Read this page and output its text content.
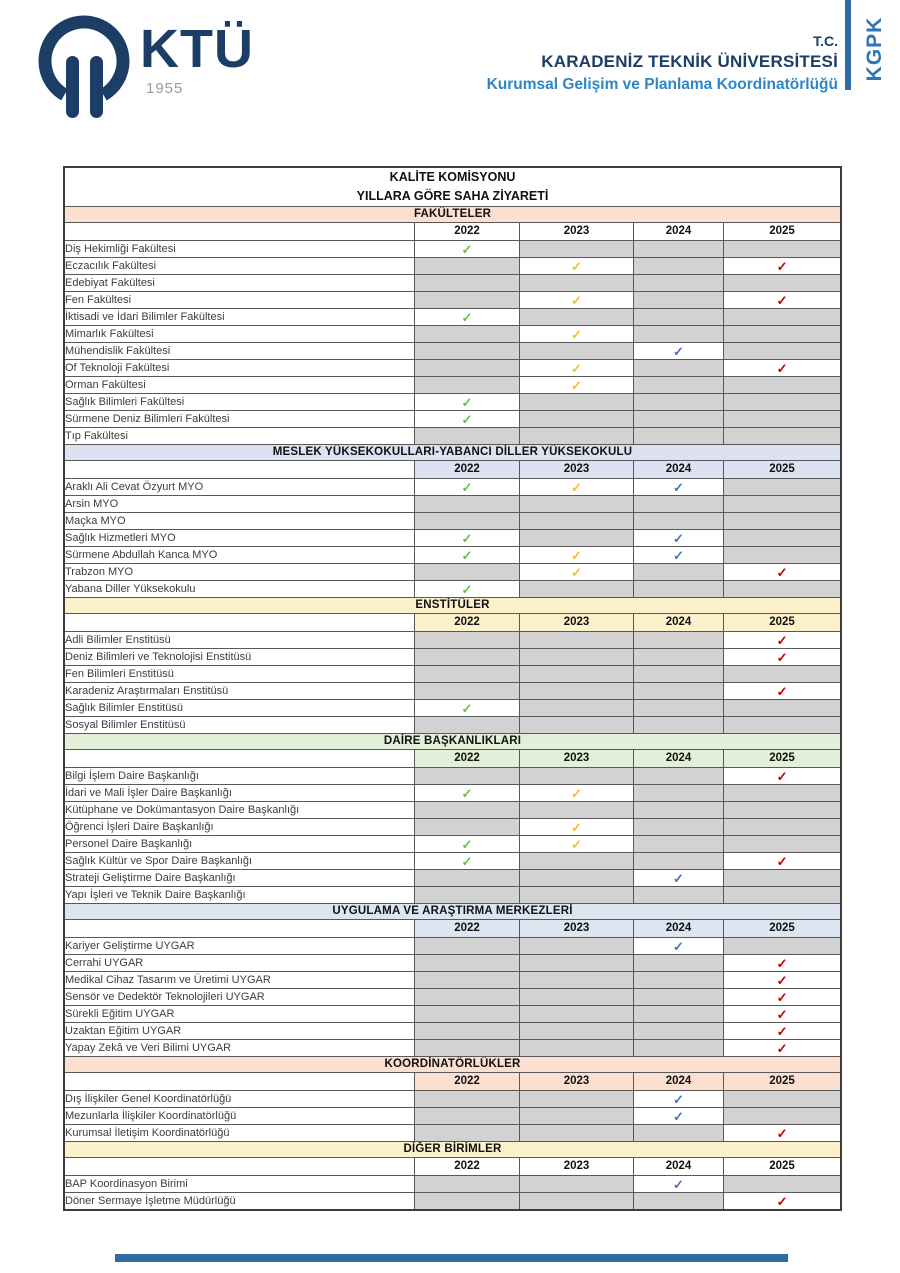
KTÜ
1955
T.C.
KARADENİZ TEKNİK ÜNİVERSİTESİ
Kurumsal Gelişim ve Planlama Koordinatörlüğü
KGPK
KALİTE KOMİSYONU
YILLARA GÖRE SAHA ZİYARETİ				
FAKÜLTELER				
	2022	2023	2024	2025
Diş Hekimliği Fakültesi	✓			
Eczacılık Fakültesi		✓		✓
Edebiyat Fakültesi				
Fen Fakültesi		✓		✓
İktisadi ve İdari Bilimler Fakültesi	✓			
Mimarlık Fakültesi		✓		
Mühendislik Fakültesi			✓	
Of Teknoloji Fakültesi		✓		✓
Orman Fakültesi		✓		
Sağlık Bilimleri Fakültesi	✓			
Sürmene Deniz Bilimleri Fakültesi	✓			
Tıp Fakültesi				
MESLEK YÜKSEKOKULLARI-YABANCI DİLLER YÜKSEKOKULU				
	2022	2023	2024	2025
Araklı Ali Cevat Özyurt MYO	✓	✓	✓	
Arsin MYO				
Maçka MYO				
Sağlık Hizmetleri MYO	✓		✓	
Sürmene Abdullah Kanca MYO	✓	✓	✓	
Trabzon MYO		✓		✓
Yabana Diller Yüksekokulu	✓			
ENSTİTÜLER				
	2022	2023	2024	2025
Adli Bilimler Enstitüsü				✓
Deniz Bilimleri ve Teknolojisi Enstitüsü				✓
Fen Bilimleri Enstitüsü				
Karadeniz Araştırmaları Enstitüsü				✓
Sağlık Bilimler Enstitüsü	✓			
Sosyal Bilimler Enstitüsü				
DAİRE BAŞKANLIKLARI				
	2022	2023	2024	2025
Bilgi İşlem Daire Başkanlığı				✓
İdari ve Mali İşler Daire Başkanlığı	✓	✓		
Kütüphane ve Dokümantasyon Daire Başkanlığı				
Öğrenci İşleri Daire Başkanlığı		✓		
Personel Daire Başkanlığı	✓	✓		
Sağlık Kültür ve Spor Daire Başkanlığı	✓			✓
Strateji Geliştirme Daire Başkanlığı			✓	
Yapı İşleri ve Teknik Daire Başkanlığı				
UYGULAMA VE ARAŞTIRMA MERKEZLERİ				
	2022	2023	2024	2025
Kariyer Geliştirme UYGAR			✓	
Cerrahi UYGAR				✓
Medikal Cihaz Tasarım ve Üretimi UYGAR				✓
Sensör ve Dedektör Teknolojileri UYGAR				✓
Sürekli Eğitim UYGAR				✓
Uzaktan Eğitim UYGAR				✓
Yapay Zekâ ve Veri Bilimi UYGAR				✓
KOORDİNATÖRLÜKLER				
	2022	2023	2024	2025
Dış İlişkiler Genel Koordinatörlüğü			✓	
Mezunlarla İlişkiler Koordinatörlüğü			✓	
Kurumsal İletişim Koordinatörlüğü				✓
DİĞER BİRİMLER				
	2022	2023	2024	2025
BAP Koordinasyon Birimi			✓	
Döner Sermaye İşletme Müdürlüğü				✓
